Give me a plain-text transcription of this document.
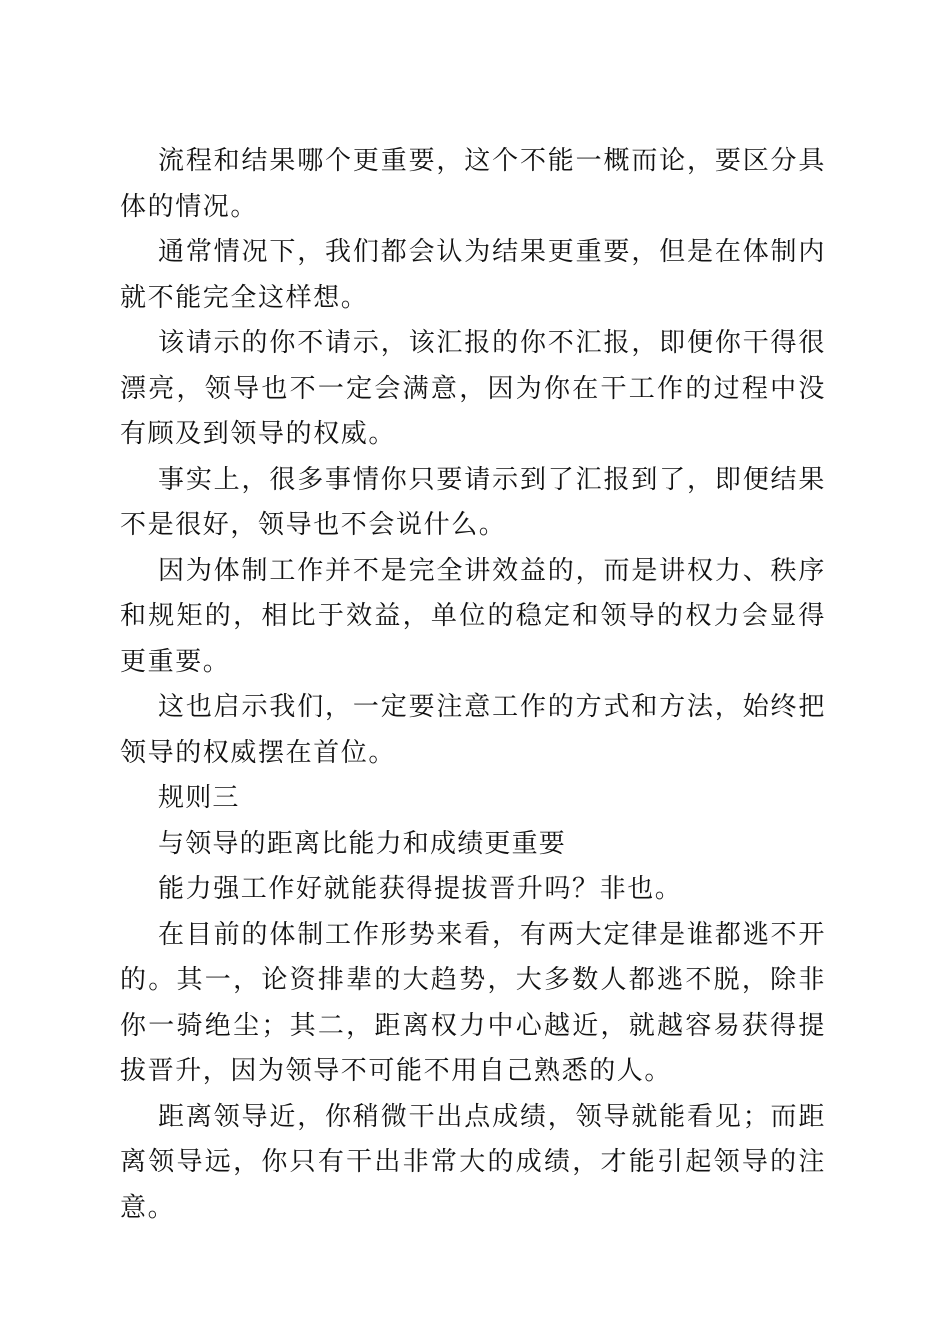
流程和结果哪个更重要，这个不能一概而论，要区分具体的情况。

通常情况下，我们都会认为结果更重要，但是在体制内就不能完全这样想。

该请示的你不请示，该汇报的你不汇报，即便你干得很漂亮，领导也不一定会满意，因为你在干工作的过程中没有顾及到领导的权威。

事实上，很多事情你只要请示到了汇报到了，即便结果不是很好，领导也不会说什么。

因为体制工作并不是完全讲效益的，而是讲权力、秩序和规矩的，相比于效益，单位的稳定和领导的权力会显得更重要。

这也启示我们，一定要注意工作的方式和方法，始终把领导的权威摆在首位。

规则三

与领导的距离比能力和成绩更重要

能力强工作好就能获得提拔晋升吗？非也。

在目前的体制工作形势来看，有两大定律是谁都逃不开的。其一，论资排辈的大趋势，大多数人都逃不脱，除非你一骑绝尘；其二，距离权力中心越近，就越容易获得提拔晋升，因为领导不可能不用自己熟悉的人。

距离领导近，你稍微干出点成绩，领导就能看见；而距离领导远，你只有干出非常大的成绩，才能引起领导的注意。
